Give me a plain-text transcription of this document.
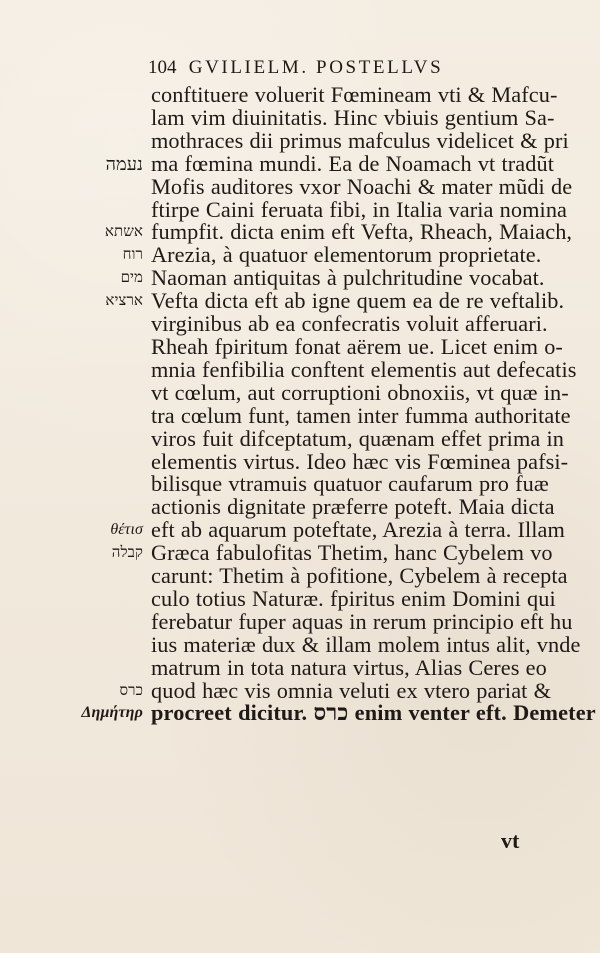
104 GVILIELM. POSTELLVS
conftituere voluerit Fœmineam vti & Mafcu-
lam vim diuinitatis. Hinc vbiuis gentium Sa-
mothraces dii primus mafculus videlicet & pri
נעמה ma fœmina mundi. Ea de Noamach vt tradũt
Mofis auditores vxor Noachi & mater mũdi de
ftirpe Caini feruata fibi, in Italia varia nomina
אשתא fumpfit. dicta enim eft Vefta, Rheach, Maiach,
רוח Arezia, à quatuor elementorum proprietate.
מים Naoman antiquitas à pulchritudine vocabat.
ארציא Vefta dicta eft ab igne quem ea de re veftalib.
virginibus ab ea confecratis voluit afferuari.
Rheah fpiritum fonat aërem ue. Licet enim o-
mnia fenfibilia conftent elementis aut defecatis
vt cœlum, aut corruptioni obnoxiis, vt quæ in-
tra cœlum funt, tamen inter fumma authoritate
viros fuit difceptatum, quænam effet prima in
elementis virtus. Ideo hæc vis Fœminea pafsi-
bilisque vtramuis quatuor caufarum pro fuæ
actionis dignitate præferre poteft. Maia dicta
θέτισ eft ab aquarum poteftate, Arezia à terra. Illam
קבלה Græca fabulofitas Thetim, hanc Cybelem vo
carunt: Thetim à pofitione, Cybelem à recepta
culo totius Naturæ. fpiritus enim Domini qui
ferebatur fuper aquas in rerum principio eft hu
ius materiæ dux & illam molem intus alit, vnde
matrum in tota natura virtus, Alias Ceres eo
כרס quod hæc vis omnia veluti ex vtero pariat &
Δημήτηρ procreet dicitur. כרס enim venter eft. Demeter
vt
